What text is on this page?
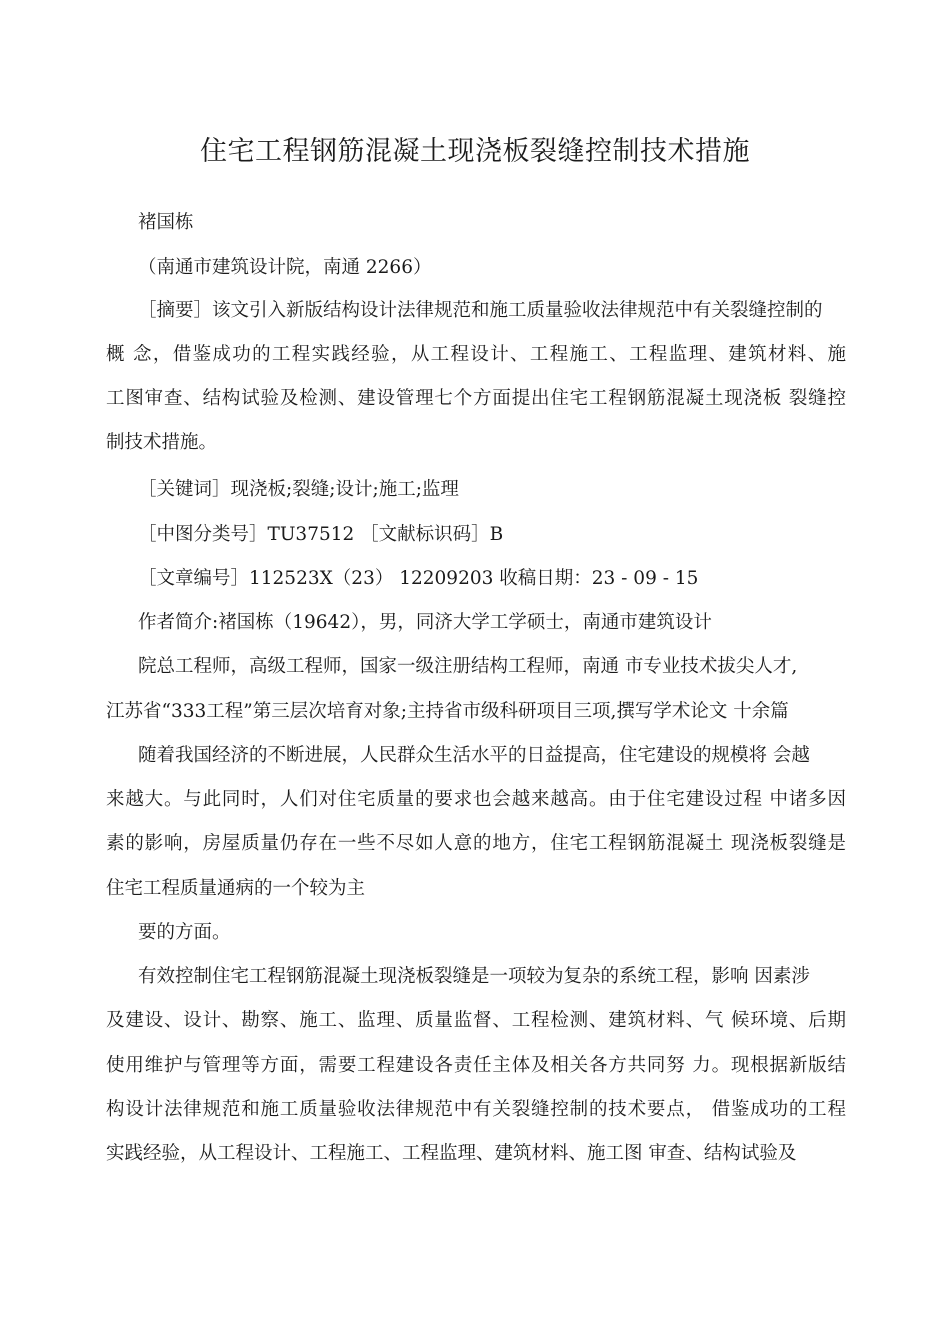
住宅工程钢筋混凝土现浇板裂缝控制技术措施

褚国栋

（南通市建筑设计院，南通 2266）

［摘要］该文引入新版结构设计法律规范和施工质量验收法律规范中有关裂缝控制的

概 念，借鉴成功的工程实践经验，从工程设计、工程施工、工程监理、建筑材料、施

工图审查、结构试验及检测、建设管理七个方面提出住宅工程钢筋混凝土现浇板 裂缝控

制技术措施。

［关键词］现浇板;裂缝;设计;施工;监理

［中图分类号］TU37512 ［文献标识码］B

［文章编号］112523X（23） 12209203 收稿日期：23 - 09 - 15

作者简介:褚国栋（19642），男，同济大学工学硕士，南通市建筑设计

院总工程师，高级工程师，国家一级注册结构工程师，南通 市专业技术拔尖人才,

江苏省“333工程”第三层次培育对象;主持省市级科研项目三项,撰写学术论文 十余篇

随着我国经济的不断进展，人民群众生活水平的日益提高，住宅建设的规模将 会越

来越大。与此同时，人们对住宅质量的要求也会越来越高。由于住宅建设过程 中诸多因

素的影响，房屋质量仍存在一些不尽如人意的地方，住宅工程钢筋混凝土 现浇板裂缝是

住宅工程质量通病的一个较为主

要的方面。

有效控制住宅工程钢筋混凝土现浇板裂缝是一项较为复杂的系统工程，影响 因素涉

及建设、设计、勘察、施工、监理、质量监督、工程检测、建筑材料、气 候环境、后期

使用维护与管理等方面，需要工程建设各责任主体及相关各方共同努 力。现根据新版结

构设计法律规范和施工质量验收法律规范中有关裂缝控制的技术要点， 借鉴成功的工程

实践经验，从工程设计、工程施工、工程监理、建筑材料、施工图 审查、结构试验及
